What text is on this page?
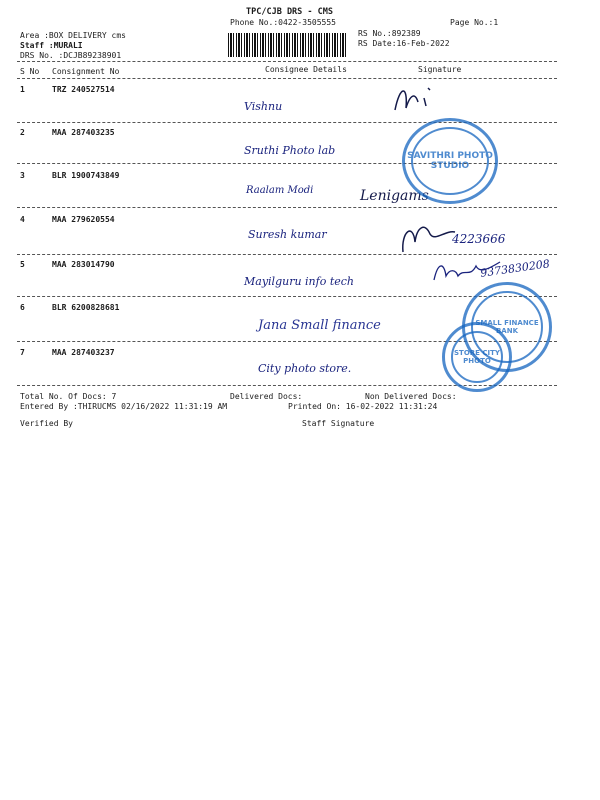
TPC/CJB DRS - CMS
Phone No.:0422-3505555	Page No.:1
Area :BOX DELIVERY cms
Staff :MURALI
DRS No. :DCJB89238901
RS No.:892389
RS Date:16-Feb-2022
S No Consignment No	Consignee Details	Signature
1	TRZ 240527514
Vishnu
2	MAA 287403235
Sruthi Photo lab
3	BLR 1900743849
Raalam Modi	Lenigams
4	MAA 279620554
Suresh kumar	4223666
5	MAA 283014790
Mayilguru info tech
9373830208
6	BLR 6200828681
Jana Small finance
7	MAA 287403237
City photo store.
SAVITHRI PHOTO STUDIO
STORE CITY PHOTO
SMALL FINANCE BANK
Total No. Of Docs: 7	Delivered Docs:	Non Delivered Docs:
Entered By :THIRUCMS 02/16/2022 11:31:19 AM	Printed On: 16-02-2022 11:31:24
Verified By	Staff Signature
